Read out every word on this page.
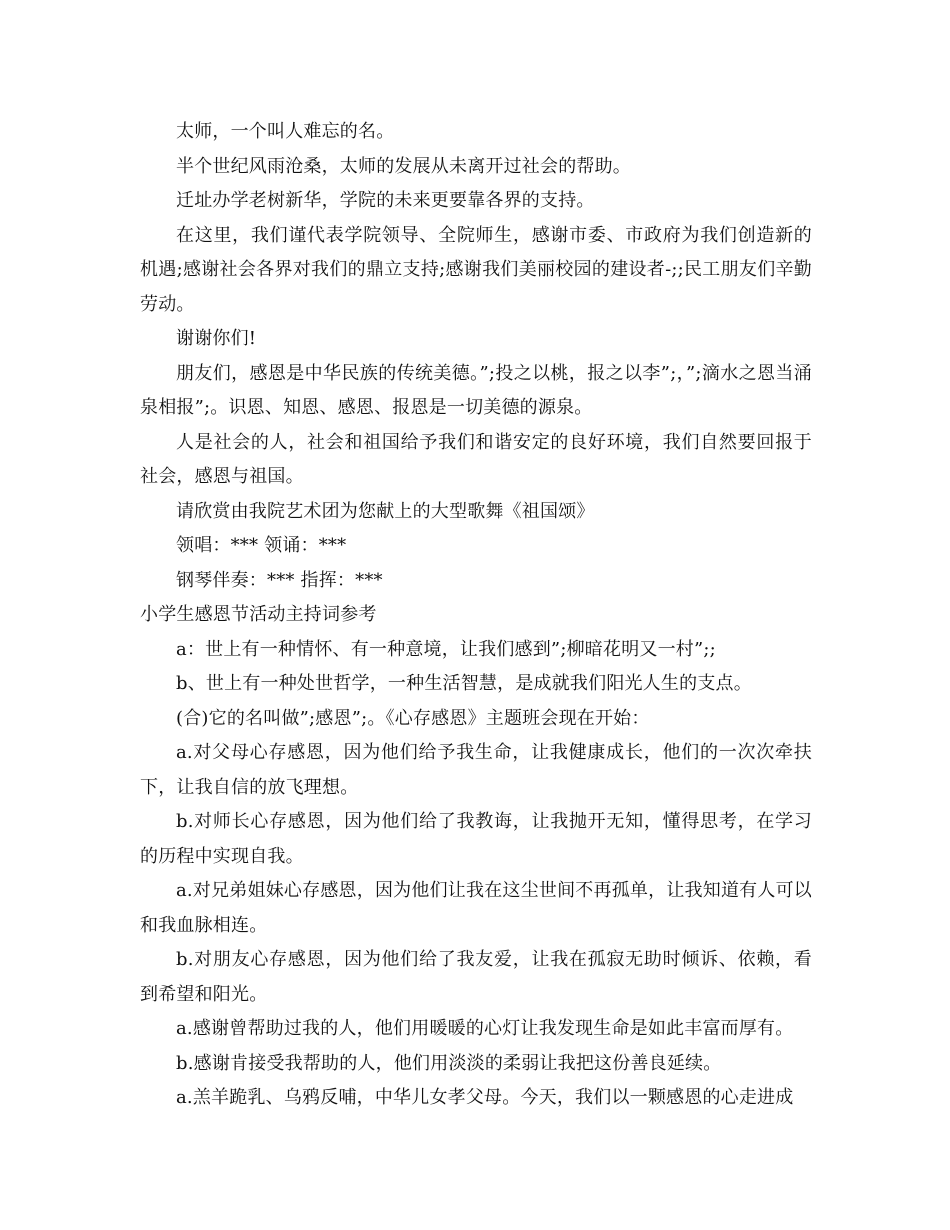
太师，一个叫人难忘的名。

半个世纪风雨沧桑，太师的发展从未离开过社会的帮助。

迁址办学老树新华，学院的未来更要靠各界的支持。

在这里，我们谨代表学院领导、全院师生，感谢市委、市政府为我们创造新的机遇;感谢社会各界对我们的鼎立支持;感谢我们美丽校园的建设者-;;民工朋友们辛勤劳动。

谢谢你们!

朋友们，感恩是中华民族的传统美德。”;投之以桃，报之以李”;，”;滴水之恩当涌泉相报”;。识恩、知恩、感恩、报恩是一切美德的源泉。

人是社会的人，社会和祖国给予我们和谐安定的良好环境，我们自然要回报于社会，感恩与祖国。

请欣赏由我院艺术团为您献上的大型歌舞《祖国颂》

领唱：*** 领诵：***

钢琴伴奏：*** 指挥：***

小学生感恩节活动主持词参考

a：世上有一种情怀、有一种意境，让我们感到”;柳暗花明又一村”;;

b、世上有一种处世哲学，一种生活智慧，是成就我们阳光人生的支点。

(合)它的名叫做”;感恩”;。《心存感恩》主题班会现在开始：

a.对父母心存感恩，因为他们给予我生命，让我健康成长，他们的一次次牵扶下，让我自信的放飞理想。

b.对师长心存感恩，因为他们给了我教诲，让我抛开无知，懂得思考，在学习的历程中实现自我。

a.对兄弟姐妹心存感恩，因为他们让我在这尘世间不再孤单，让我知道有人可以和我血脉相连。

b.对朋友心存感恩，因为他们给了我友爱，让我在孤寂无助时倾诉、依赖，看到希望和阳光。

a.感谢曾帮助过我的人，他们用暖暖的心灯让我发现生命是如此丰富而厚有。

b.感谢肯接受我帮助的人，他们用淡淡的柔弱让我把这份善良延续。

a.羔羊跪乳、乌鸦反哺，中华儿女孝父母。今天，我们以一颗感恩的心走进成
